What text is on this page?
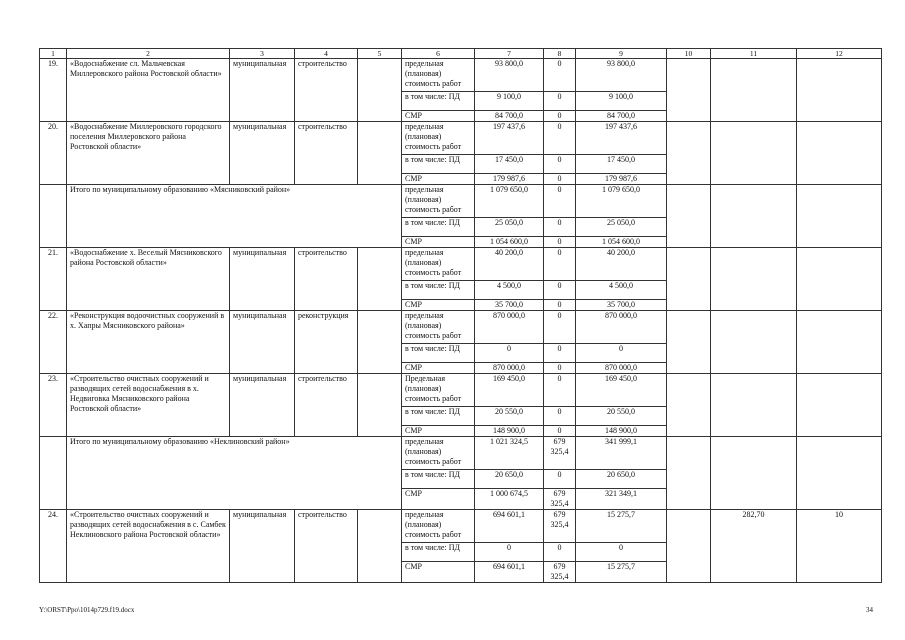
1	2	3	4	5	6	7	8	9	10	11	12
19.	«Водоснабжение сл. Мальчевская Миллеровского района Ростовской области»	муниципальная	строительство		предельная (плановая) стоимость работ	93 800,0	0	93 800,0			
					в том числе: ПД	9 100,0	0	9 100,0			
					СМР	84 700,0	0	84 700,0			
20.	«Водоснабжение Миллеровского городского поселения Миллеровского района Ростовской области»	муниципальная	строительство		предельная (плановая) стоимость работ	197 437,6	0	197 437,6			
					в том числе: ПД	17 450,0	0	17 450,0			
					СМР	179 987,6	0	179 987,6			
	Итого по муниципальному образованию «Мясниковский район»				предельная (плановая) стоимость работ	1 079 650,0	0	1 079 650,0			
					в том числе: ПД	25 050,0	0	25 050,0			
					СМР	1 054 600,0	0	1 054 600,0			
21.	«Водоснабжение х. Веселый Мясниковского района Ростовской области»	муниципальная	строительство		предельная (плановая) стоимость работ	40 200,0	0	40 200,0			
					в том числе: ПД	4 500,0	0	4 500,0			
					СМР	35 700,0	0	35 700,0			
22.	«Реконструкция водоочистных сооружений в х. Хапры Мясниковского района»	муниципальная	реконструкция		предельная (плановая) стоимость работ	870 000,0	0	870 000,0			
					в том числе: ПД	0	0	0			
					СМР	870 000,0	0	870 000,0			
23.	«Строительство очистных сооружений и разводящих сетей водоснабжения в х. Недвиговка Мясниковского района Ростовской области»	муниципальная	строительство		Предельная (плановая) стоимость работ	169 450,0	0	169 450,0			
					в том числе: ПД	20 550,0	0	20 550,0			
					СМР	148 900,0	0	148 900,0			
	Итого по муниципальному образованию «Неклиновский район»				предельная (плановая) стоимость работ	1 021 324,5	679 325,4	341 999,1			
					в том числе: ПД	20 650,0	0	20 650,0			
					СМР	1 000 674,5	679 325,4	321 349,1			
24.	«Строительство очистных сооружений и разводящих сетей водоснабжения в с. Самбек Неклиновского района Ростовской области»	муниципальная	строительство		предельная (плановая) стоимость работ	694 601,1	679 325,4	15 275,7		282,70	10
					в том числе: ПД	0	0	0			
					СМР	694 601,1	679 325,4	15 275,7			
Y:\ORST\Ppo\1014p729.f19.docx	34
